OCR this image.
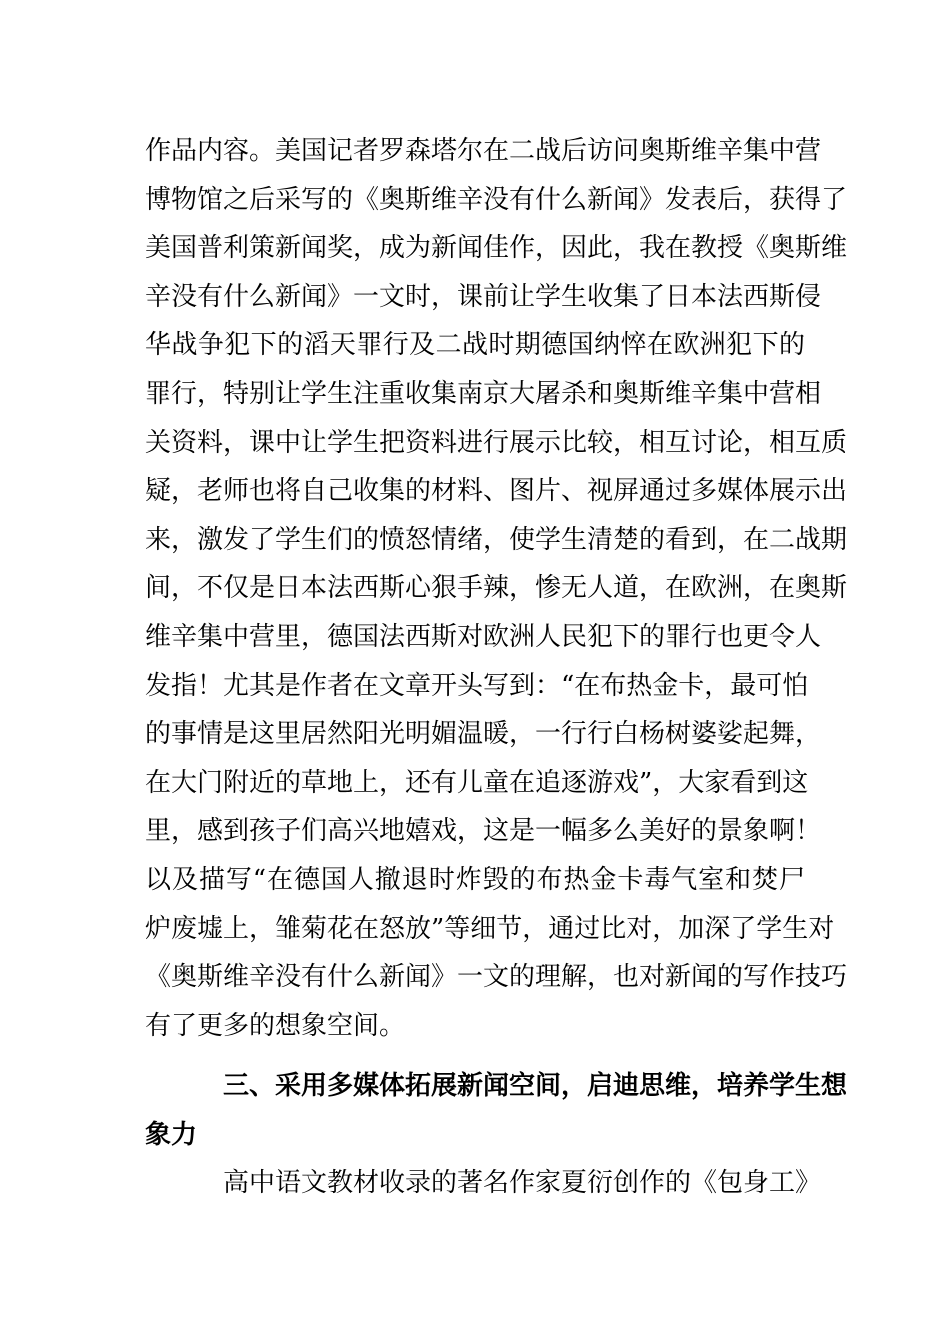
作品内容。美国记者罗森塔尔在二战后访问奥斯维辛集中营
博物馆之后采写的《奥斯维辛没有什么新闻》发表后，获得了
美国普利策新闻奖，成为新闻佳作，因此，我在教授《奥斯维
辛没有什么新闻》一文时，课前让学生收集了日本法西斯侵
华战争犯下的滔天罪行及二战时期德国纳悴在欧洲犯下的
罪行，特别让学生注重收集南京大屠杀和奥斯维辛集中营相
关资料，课中让学生把资料进行展示比较，相互讨论，相互质
疑，老师也将自己收集的材料、图片、视屏通过多媒体展示出
来，激发了学生们的愤怒情绪，使学生清楚的看到，在二战期
间，不仅是日本法西斯心狠手辣，惨无人道，在欧洲，在奥斯
维辛集中营里，德国法西斯对欧洲人民犯下的罪行也更令人
发指！尤其是作者在文章开头写到：“在布热金卡，最可怕
的事情是这里居然阳光明媚温暖，一行行白杨树婆娑起舞，
在大门附近的草地上，还有儿童在追逐游戏”，大家看到这
里，感到孩子们高兴地嬉戏，这是一幅多么美好的景象啊！
以及描写“在德国人撤退时炸毁的布热金卡毒气室和焚尸
炉废墟上，雏菊花在怒放”等细节，通过比对，加深了学生对
《奥斯维辛没有什么新闻》一文的理解，也对新闻的写作技巧
有了更多的想象空间。
三、采用多媒体拓展新闻空间，启迪思维，培养学生想
象力
高中语文教材收录的著名作家夏衍创作的《包身工》
